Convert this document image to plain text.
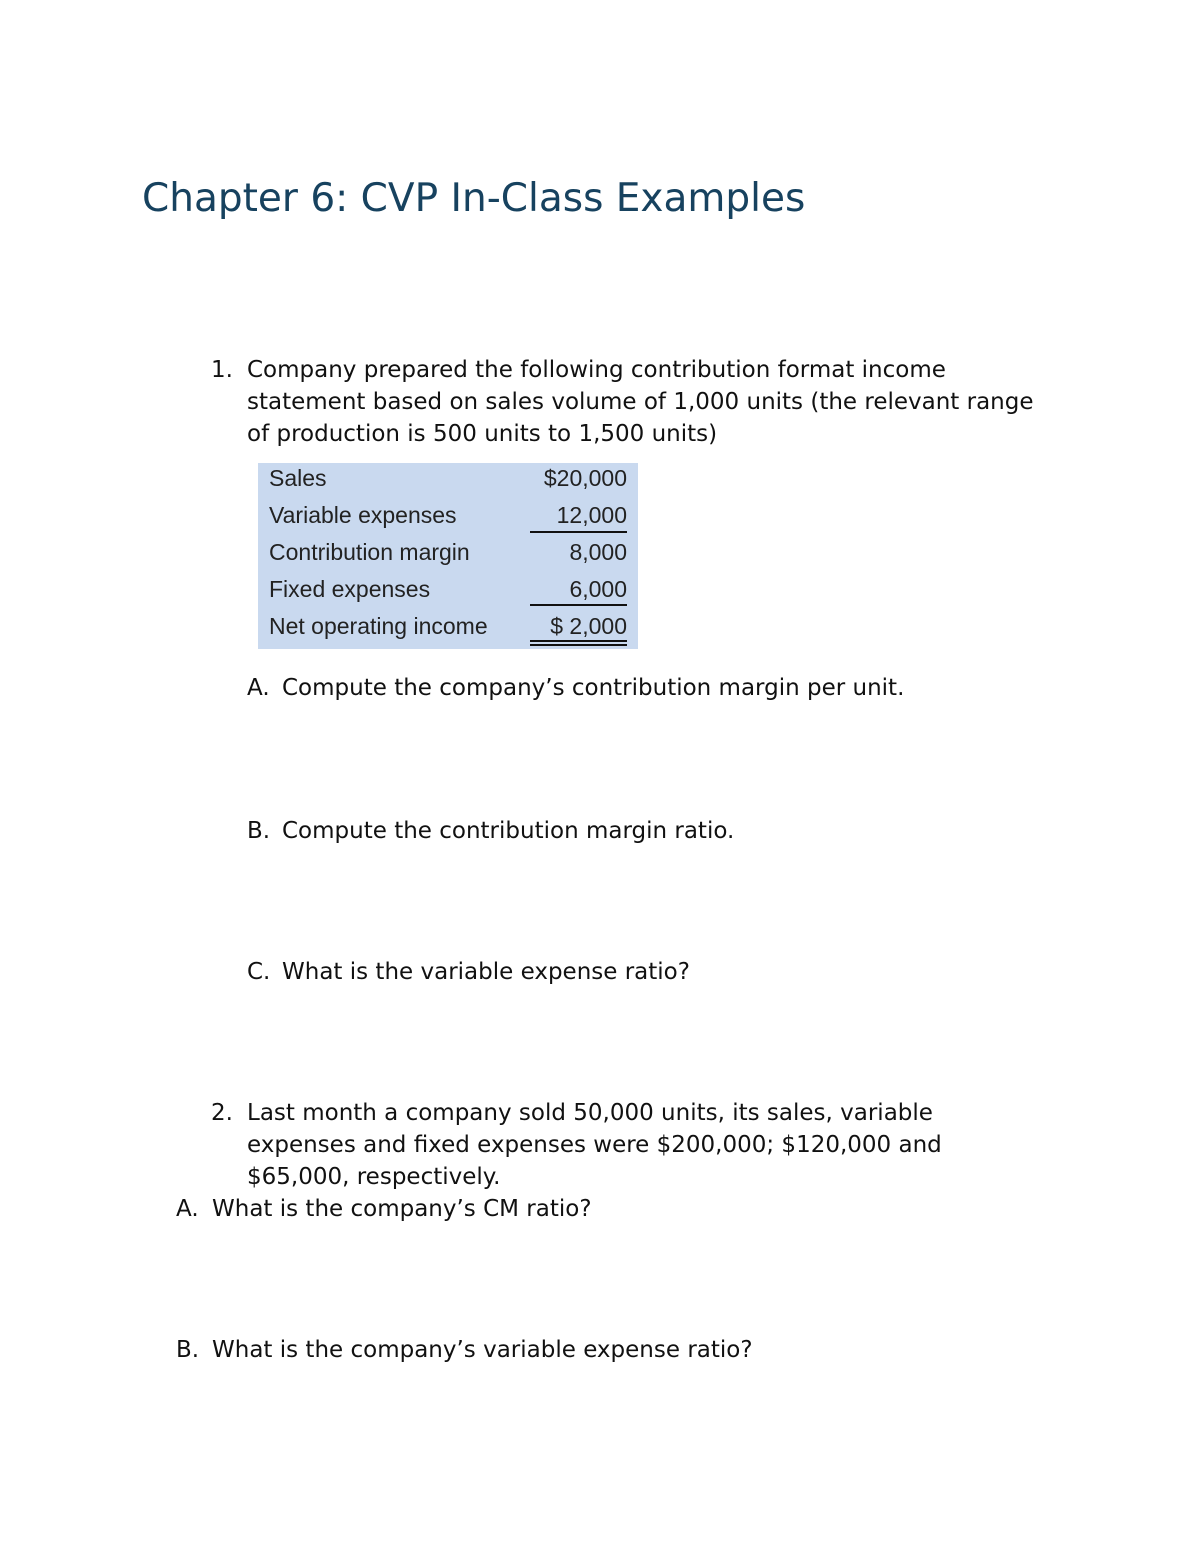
Chapter 6: CVP In-Class Examples
1. Company prepared the following contribution format income
statement based on sales volume of 1,000 units (the relevant range
of production is 500 units to 1,500 units)
Sales	$20,000
Variable expenses	12,000
Contribution margin	8,000
Fixed expenses	6,000
Net operating income	$ 2,000
A. Compute the company’s contribution margin per unit.
B. Compute the contribution margin ratio.
C. What is the variable expense ratio?
2. Last month a company sold 50,000 units, its sales, variable
expenses and fixed expenses were $200,000; $120,000 and
$65,000, respectively.
A. What is the company’s CM ratio?
B. What is the company’s variable expense ratio?
